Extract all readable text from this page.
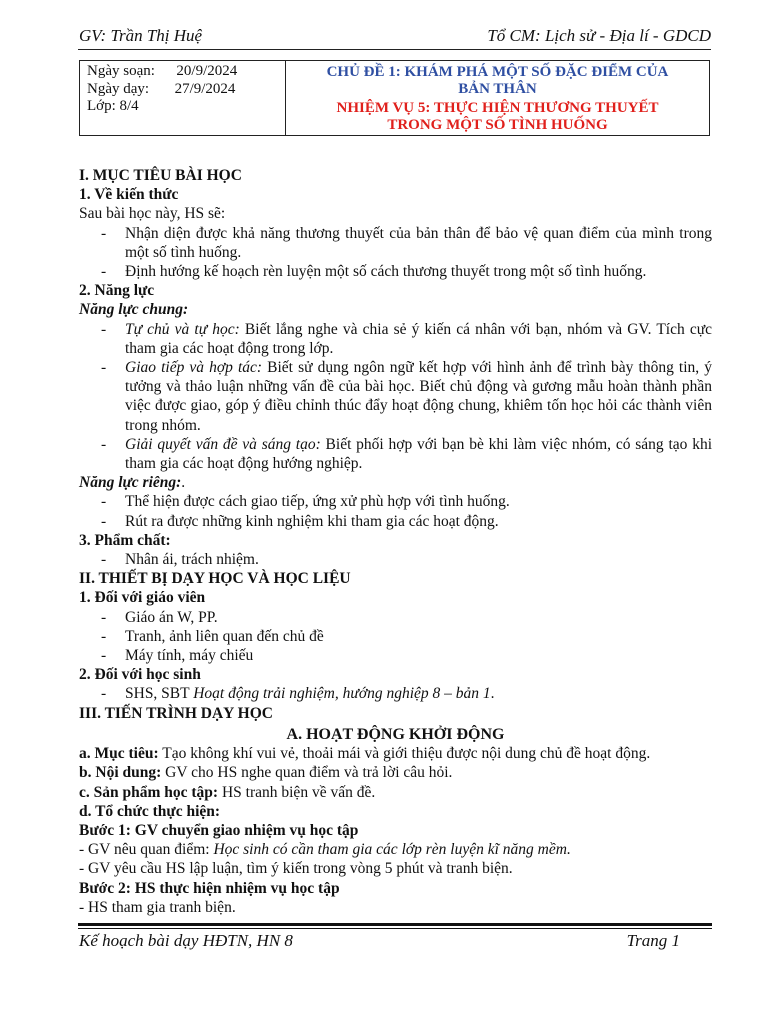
GV: Trần Thị Huệ	Tổ CM: Lịch sử - Địa lí - GDCD
Ngày soạn: 20/9/2024
Ngày dạy: 27/9/2024
Lớp: 8/4
CHỦ ĐỀ 1: KHÁM PHÁ MỘT SỐ ĐẶC ĐIỂM CỦA
BẢN THÂN
NHIỆM VỤ 5: THỰC HIỆN THƯƠNG THUYẾT
TRONG MỘT SỐ TÌNH HUỐNG

I. MỤC TIÊU BÀI HỌC

1. Về kiến thức

Sau bài học này, HS sẽ:

- Nhận diện được khả năng thương thuyết của bản thân để bảo vệ quan điểm của mình trong một số tình huống.

- Định hướng kế hoạch rèn luyện một số cách thương thuyết trong một số tình huống.

2. Năng lực

Năng lực chung:

- Tự chủ và tự học: Biết lắng nghe và chia sẻ ý kiến cá nhân với bạn, nhóm và GV. Tích cực tham gia các hoạt động trong lớp.

- Giao tiếp và hợp tác: Biết sử dụng ngôn ngữ kết hợp với hình ảnh để trình bày thông tin, ý tưởng và thảo luận những vấn đề của bài học. Biết chủ động và gương mẫu hoàn thành phần việc được giao, góp ý điều chỉnh thúc đẩy hoạt động chung, khiêm tốn học hỏi các thành viên trong nhóm.

- Giải quyết vấn đề và sáng tạo: Biết phối hợp với bạn bè khi làm việc nhóm, có sáng tạo khi tham gia các hoạt động hướng nghiệp.

Năng lực riêng:.

- Thể hiện được cách giao tiếp, ứng xử phù hợp với tình huống.

- Rút ra được những kinh nghiệm khi tham gia các hoạt động.

3. Phẩm chất:

- Nhân ái, trách nhiệm.

II. THIẾT BỊ DẠY HỌC VÀ HỌC LIỆU

1. Đối với giáo viên

- Giáo án W, PP.

- Tranh, ảnh liên quan đến chủ đề

- Máy tính, máy chiếu

2. Đối với học sinh

- SHS, SBT Hoạt động trải nghiệm, hướng nghiệp 8 – bản 1.

III. TIẾN TRÌNH DẠY HỌC

A. HOẠT ĐỘNG KHỞI ĐỘNG

a. Mục tiêu: Tạo không khí vui vẻ, thoải mái và giới thiệu được nội dung chủ đề hoạt động.

b. Nội dung: GV cho HS nghe quan điểm và trả lời câu hỏi.

c. Sản phẩm học tập: HS tranh biện về vấn đề.

d. Tổ chức thực hiện:

Bước 1: GV chuyển giao nhiệm vụ học tập

- GV nêu quan điểm: Học sinh có cần tham gia các lớp rèn luyện kĩ năng mềm.

- GV yêu cầu HS lập luận, tìm ý kiến trong vòng 5 phút và tranh biện.

Bước 2: HS thực hiện nhiệm vụ học tập

- HS tham gia tranh biện.

Kế hoạch bài dạy HĐTN, HN 8	Trang 1
